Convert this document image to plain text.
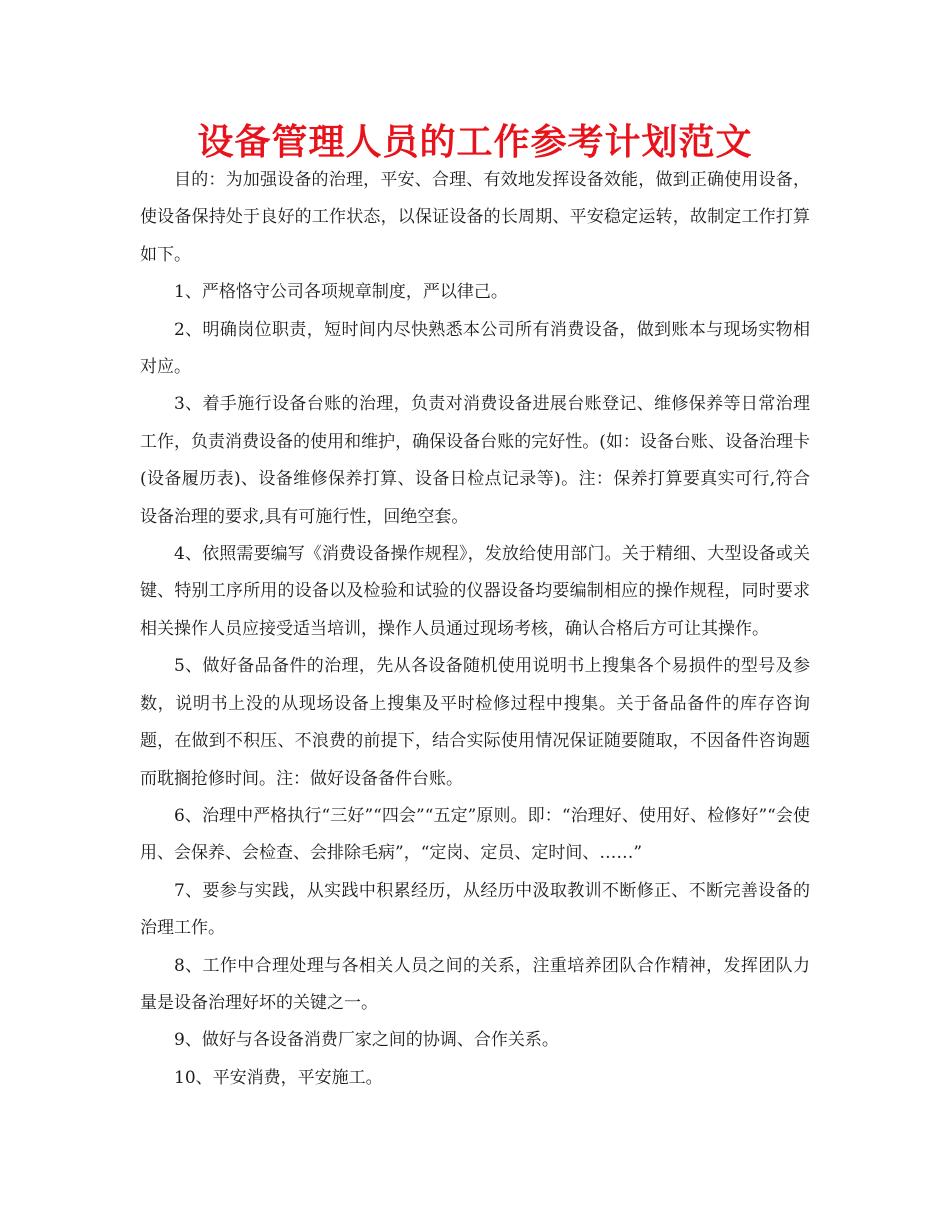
设备管理人员的工作参考计划范文

目的：为加强设备的治理，平安、合理、有效地发挥设备效能，做到正确使用设备，使设备保持处于良好的工作状态，以保证设备的长周期、平安稳定运转，故制定工作打算如下。

1、严格恪守公司各项规章制度，严以律己。

2、明确岗位职责，短时间内尽快熟悉本公司所有消费设备，做到账本与现场实物相对应。

3、着手施行设备台账的治理，负责对消费设备进展台账登记、维修保养等日常治理工作，负责消费设备的使用和维护，确保设备台账的完好性。(如：设备台账、设备治理卡(设备履历表)、设备维修保养打算、设备日检点记录等)。注：保养打算要真实可行,符合设备治理的要求,具有可施行性，回绝空套。

4、依照需要编写《消费设备操作规程》，发放给使用部门。关于精细、大型设备或关键、特别工序所用的设备以及检验和试验的仪器设备均要编制相应的操作规程，同时要求相关操作人员应接受适当培训，操作人员通过现场考核，确认合格后方可让其操作。

5、做好备品备件的治理，先从各设备随机使用说明书上搜集各个易损件的型号及参数，说明书上没的从现场设备上搜集及平时检修过程中搜集。关于备品备件的库存咨询题，在做到不积压、不浪费的前提下，结合实际使用情况保证随要随取，不因备件咨询题而耽搁抢修时间。注：做好设备备件台账。

6、治理中严格执行“三好”“四会”“五定”原则。即：“治理好、使用好、检修好”“会使用、会保养、会检查、会排除毛病”，“定岗、定员、定时间、……”

7、要参与实践，从实践中积累经历，从经历中汲取教训不断修正、不断完善设备的治理工作。

8、工作中合理处理与各相关人员之间的关系，注重培养团队合作精神，发挥团队力量是设备治理好坏的关键之一。

9、做好与各设备消费厂家之间的协调、合作关系。

10、平安消费，平安施工。
